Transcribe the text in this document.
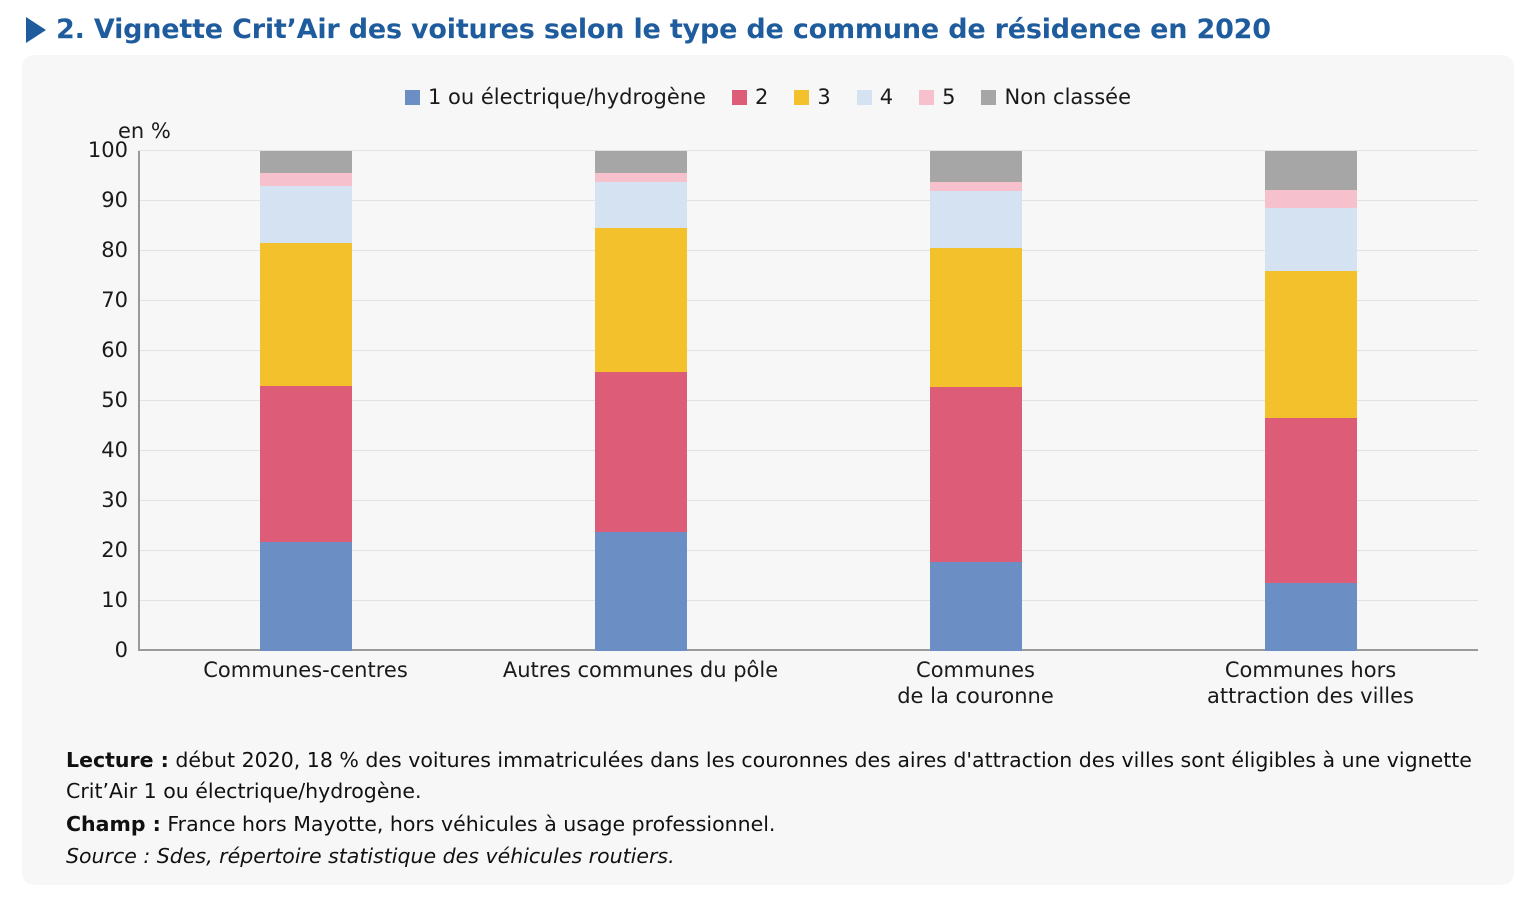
2. Vignette Crit’Air des voitures selon le type de commune de résidence en 2020
1 ou électrique/hydrogène 2 3 4 5 Non classée
en %
0
10
20
30
40
50
60
70
80
90
100
Communes-centres	Autres communes du pôle	Communes
de la couronne
Communes hors
attraction des villes

Lecture : début 2020, 18 % des voitures immatriculées dans les couronnes des aires d'attraction des villes sont éligibles à une vignette Crit’Air 1 ou électrique/hydrogène.

Champ : France hors Mayotte, hors véhicules à usage professionnel.

Source : Sdes, répertoire statistique des véhicules routiers.
